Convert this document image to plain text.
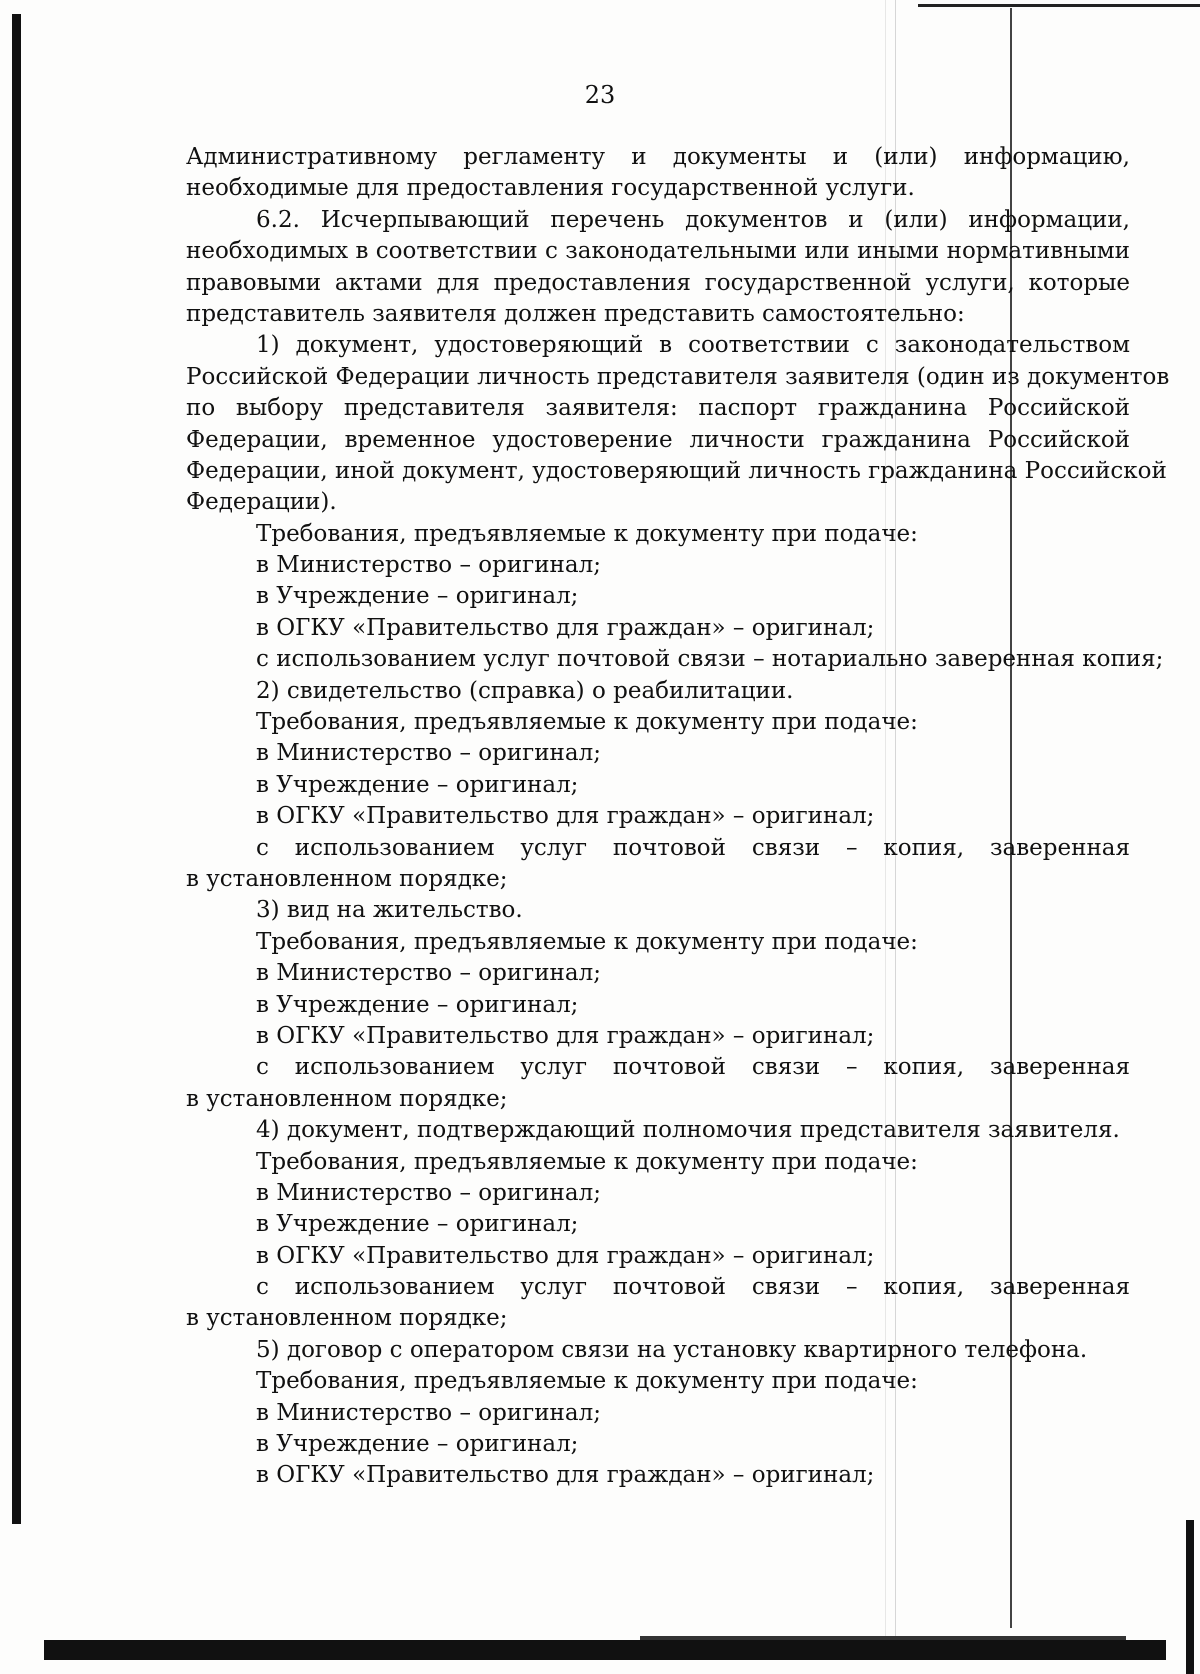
23
Административному регламенту и документы и (или) информацию,
необходимые для предоставления государственной услуги.
6.2. Исчерпывающий перечень документов и (или) информации,
необходимых в соответствии с законодательными или иными нормативными
правовыми актами для предоставления государственной услуги, которые
представитель заявителя должен представить самостоятельно:
1) документ, удостоверяющий в соответствии с законодательством
Российской Федерации личность представителя заявителя (один из документов
по выбору представителя заявителя: паспорт гражданина Российской
Федерации, временное удостоверение личности гражданина Российской
Федерации, иной документ, удостоверяющий личность гражданина Российской
Федерации).
Требования, предъявляемые к документу при подаче:
в Министерство – оригинал;
в Учреждение – оригинал;
в ОГКУ «Правительство для граждан» – оригинал;
с использованием услуг почтовой связи – нотариально заверенная копия;
2) свидетельство (справка) о реабилитации.
Требования, предъявляемые к документу при подаче:
в Министерство – оригинал;
в Учреждение – оригинал;
в ОГКУ «Правительство для граждан» – оригинал;
с использованием услуг почтовой связи – копия, заверенная
в установленном порядке;
3) вид на жительство.
Требования, предъявляемые к документу при подаче:
в Министерство – оригинал;
в Учреждение – оригинал;
в ОГКУ «Правительство для граждан» – оригинал;
с использованием услуг почтовой связи – копия, заверенная
в установленном порядке;
4) документ, подтверждающий полномочия представителя заявителя.
Требования, предъявляемые к документу при подаче:
в Министерство – оригинал;
в Учреждение – оригинал;
в ОГКУ «Правительство для граждан» – оригинал;
с использованием услуг почтовой связи – копия, заверенная
в установленном порядке;
5) договор с оператором связи на установку квартирного телефона.
Требования, предъявляемые к документу при подаче:
в Министерство – оригинал;
в Учреждение – оригинал;
в ОГКУ «Правительство для граждан» – оригинал;
